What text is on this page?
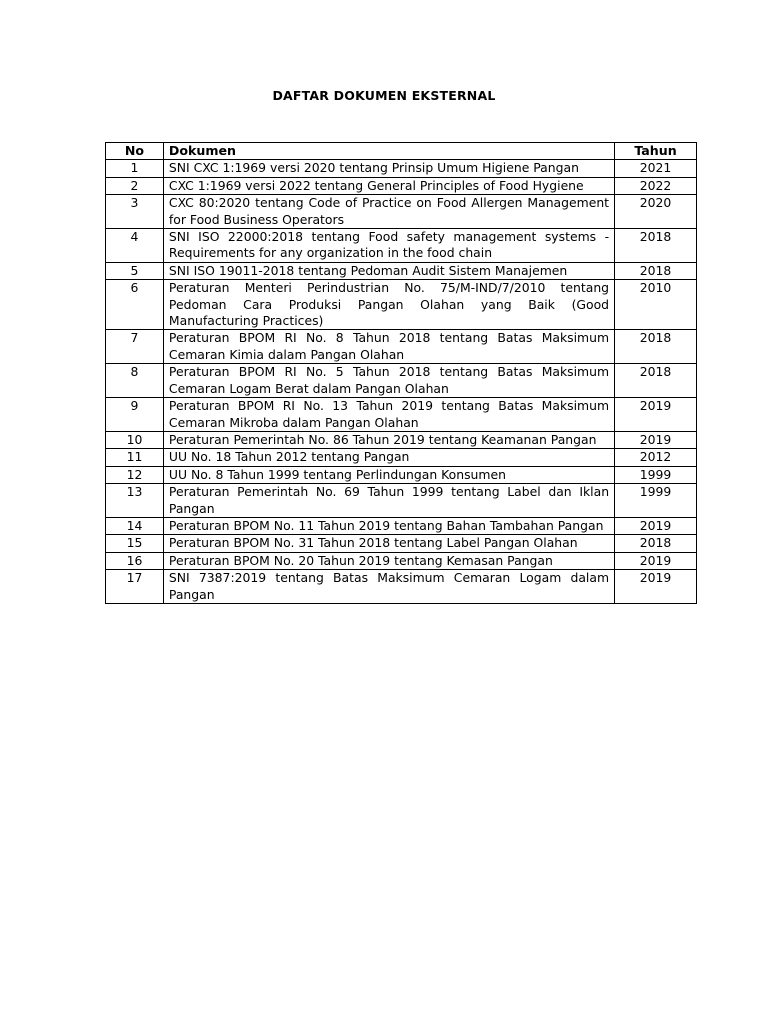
DAFTAR DOKUMEN EKSTERNAL
No	Dokumen	Tahun
1	SNI CXC 1:1969 versi 2020 tentang Prinsip Umum Higiene Pangan	2021
2	CXC 1:1969 versi 2022 tentang General Principles of Food Hygiene	2022
3	CXC 80:2020 tentang Code of Practice on Food Allergen Management for Food Business Operators	2020
4	SNI ISO 22000:2018 tentang Food safety management systems - Requirements for any organization in the food chain	2018
5	SNI ISO 19011-2018 tentang Pedoman Audit Sistem Manajemen	2018
6	Peraturan Menteri Perindustrian No. 75/M-IND/7/2010 tentang Pedoman Cara Produksi Pangan Olahan yang Baik (Good Manufacturing Practices)	2010
7	Peraturan BPOM RI No. 8 Tahun 2018 tentang Batas Maksimum Cemaran Kimia dalam Pangan Olahan	2018
8	Peraturan BPOM RI No. 5 Tahun 2018 tentang Batas Maksimum Cemaran Logam Berat dalam Pangan Olahan	2018
9	Peraturan BPOM RI No. 13 Tahun 2019 tentang Batas Maksimum Cemaran Mikroba dalam Pangan Olahan	2019
10	Peraturan Pemerintah No. 86 Tahun 2019 tentang Keamanan Pangan	2019
11	UU No. 18 Tahun 2012 tentang Pangan	2012
12	UU No. 8 Tahun 1999 tentang Perlindungan Konsumen	1999
13	Peraturan Pemerintah No. 69 Tahun 1999 tentang Label dan Iklan Pangan	1999
14	Peraturan BPOM No. 11 Tahun 2019 tentang Bahan Tambahan Pangan	2019
15	Peraturan BPOM No. 31 Tahun 2018 tentang Label Pangan Olahan	2018
16	Peraturan BPOM No. 20 Tahun 2019 tentang Kemasan Pangan	2019
17	SNI 7387:2019 tentang Batas Maksimum Cemaran Logam dalam Pangan	2019
